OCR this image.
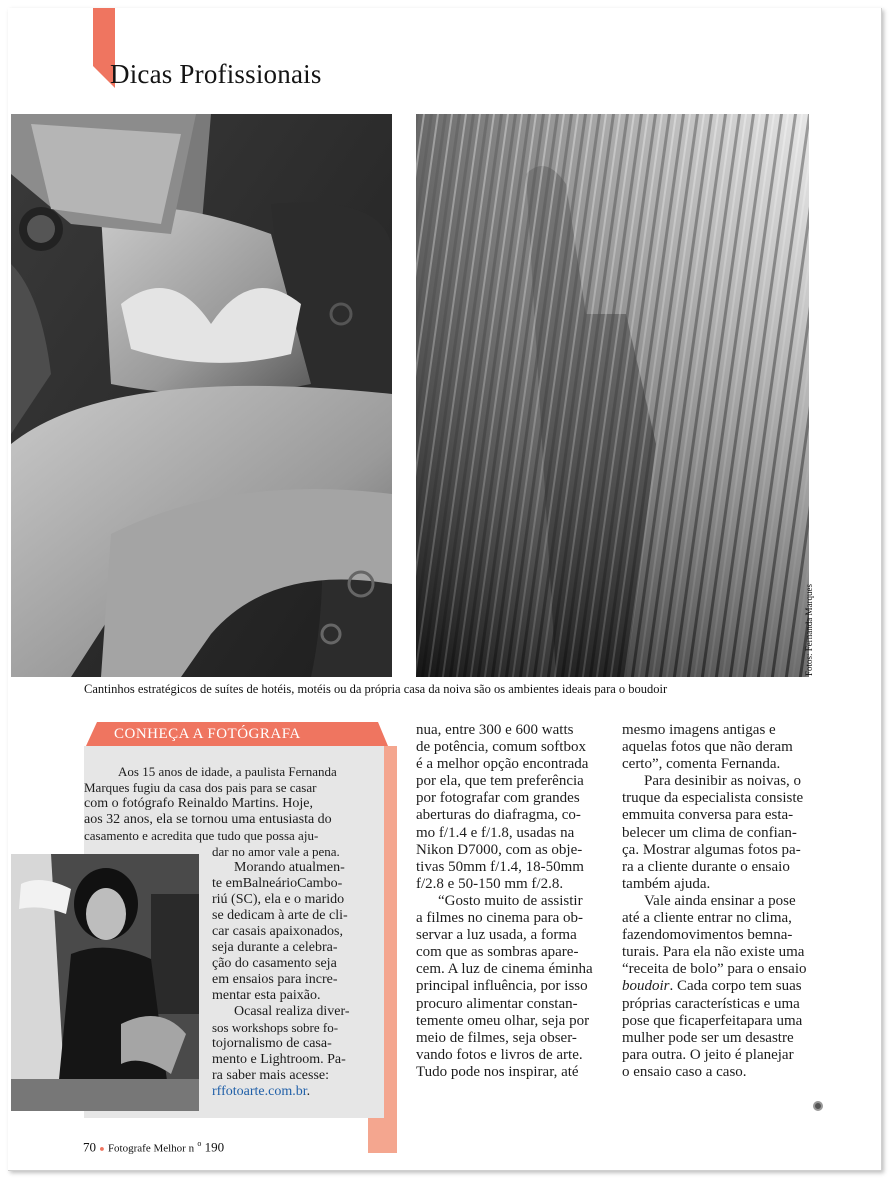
Dicas Profissionais
Fotos: Fernanda Marques
Cantinhos estratégicos de suítes de hotéis, motéis ou da própria casa da noiva são os ambientes ideais para o boudoir
CONHEÇA A FOTÓGRAFA
Aos 15 anos de idade, a paulista Fernanda
Marques fugiu da casa dos pais para se casar
com o fotógrafo Reinaldo Martins. Hoje,
aos 32 anos, ela se tornou uma entusiasta do
casamento e acredita que tudo que possa aju-
dar no amor vale a pena.
Morando atualmen-
te emBalneárioCambo-
riú (SC), ela e o marido
se dedicam à arte de cli-
car casais apaixonados,
seja durante a celebra-
ção do casamento seja
em ensaios para incre-
mentar esta paixão.
Ocasal realiza diver-
sos workshops sobre fo-
tojornalismo de casa-
mento e Lightroom. Pa-
ra saber mais acesse:
rffotoarte.com.br.
nua, entre 300 e 600 watts
de potência, comum softbox
é a melhor opção encontrada
por ela, que tem preferência
por fotografar com grandes
aberturas do diafragma, co-
mo f/1.4 e f/1.8, usadas na
Nikon D7000, com as obje-
tivas 50mm f/1.4, 18-50mm
f/2.8 e 50-150 mm f/2.8.
“Gosto muito de assistir
a filmes no cinema para ob-
servar a luz usada, a forma
com que as sombras apare-
cem. A luz de cinema éminha
principal influência, por isso
procuro alimentar constan-
temente omeu olhar, seja por
meio de filmes, seja obser-
vando fotos e livros de arte.
Tudo pode nos inspirar, até
mesmo imagens antigas e
aquelas fotos que não deram
certo”, comenta Fernanda.
Para desinibir as noivas, o
truque da especialista consiste
emmuita conversa para esta-
belecer um clima de confian-
ça. Mostrar algumas fotos pa-
ra a cliente durante o ensaio
também ajuda.
Vale ainda ensinar a pose
até a cliente entrar no clima,
fazendomovimentos bemna-
turais. Para ela não existe uma
“receita de bolo” para o ensaio
boudoir. Cada corpo tem suas
próprias características e uma
pose que ficaperfeitapara uma
mulher pode ser um desastre
para outra. O jeito é planejar
o ensaio caso a caso.
70 ● Fotografe Melhor n $^o$ 190
